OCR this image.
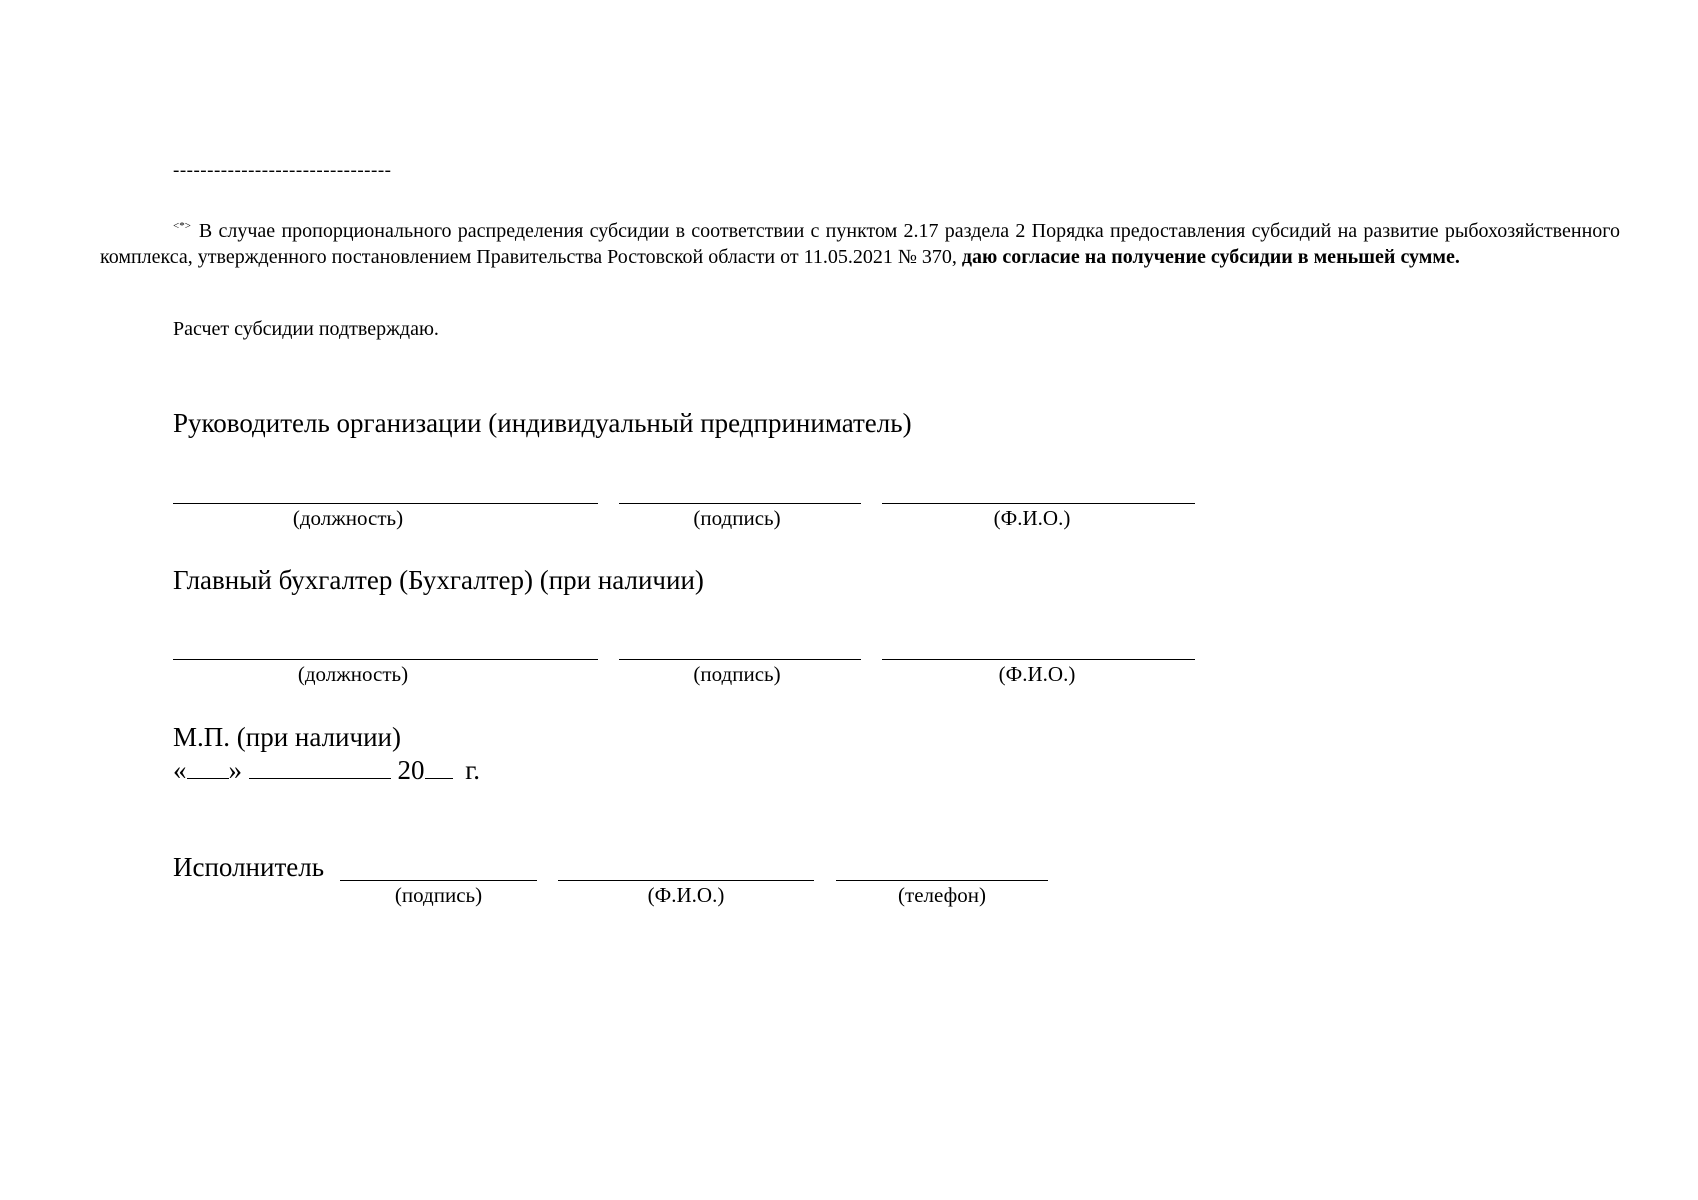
--------------------------------
<*> В случае пропорционального распределения субсидии в соответствии с пунктом 2.17 раздела 2 Порядка предоставления субсидий на развитие рыбохозяйственного комплекса, утвержденного постановлением Правительства Ростовской области от 11.05.2021 № 370, даю согласие на получение субсидии в меньшей сумме.
Расчет субсидии подтверждаю.
Руководитель организации (индивидуальный предприниматель)
(должность)	(подпись)	(Ф.И.О.)
Главный бухгалтер (Бухгалтер) (при наличии)
(должность)	(подпись)	(Ф.И.О.)
М.П. (при наличии)
« »	20 г.
Исполнитель
(подпись)	(Ф.И.О.)	(телефон)
